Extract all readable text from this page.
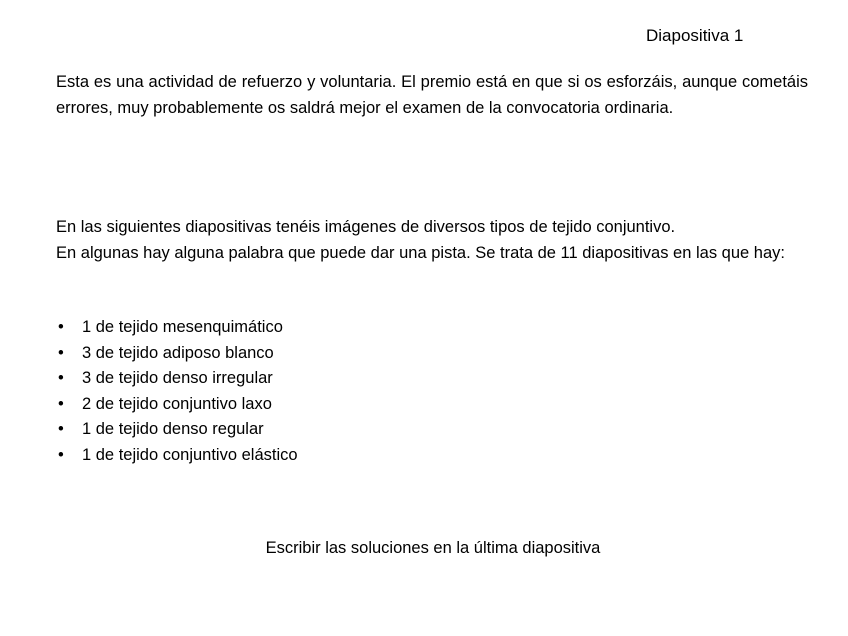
Diapositiva 1

Esta es una actividad de refuerzo y voluntaria. El premio está en que si os esforzáis, aunque cometáis errores, muy probablemente os saldrá mejor el examen de la convocatoria ordinaria.

En las siguientes diapositivas tenéis imágenes de diversos tipos de tejido conjuntivo.
En algunas hay alguna palabra que puede dar una pista. Se trata de 11 diapositivas en las que hay:
• 1 de tejido mesenquimático
• 3 de tejido adiposo blanco
• 3 de tejido denso irregular
• 2 de tejido conjuntivo laxo
• 1 de tejido denso regular
• 1 de tejido conjuntivo elástico
Escribir las soluciones en la última diapositiva
